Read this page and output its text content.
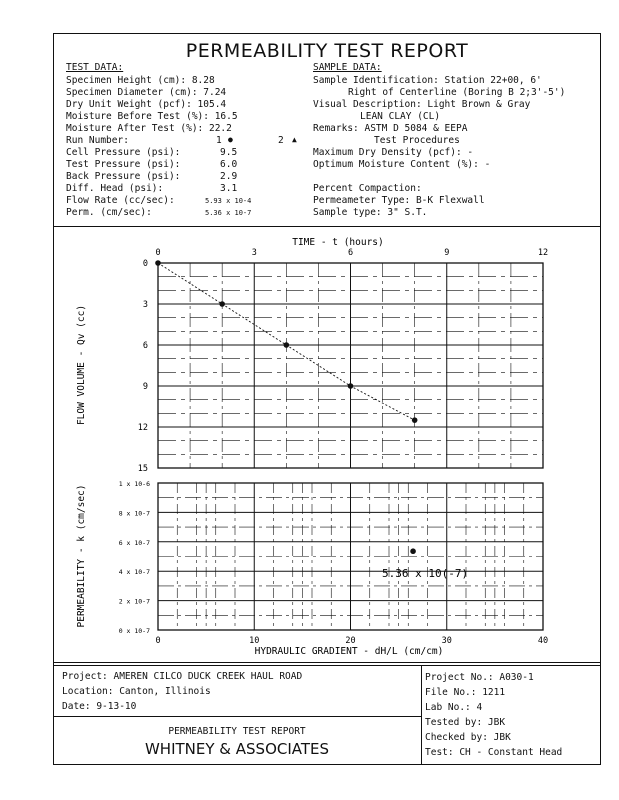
PERMEABILITY TEST REPORT
TEST DATA:
Specimen Height (cm): 8.28
Specimen Diameter (cm): 7.24
Dry Unit Weight (pcf): 105.4
Moisture Before Test (%): 16.5
Moisture After Test (%): 22.2
Run Number:	1 ●	2 ▲
Cell Pressure (psi):	9.5
Test Pressure (psi):	6.0
Back Pressure (psi):	2.9
Diff. Head (psi):	3.1
Flow Rate (cc/sec):	5.93 x 10-4
Perm. (cm/sec):	5.36 x 10-7
SAMPLE DATA:
Sample Identification: Station 22+00, 6'
Right of Centerline (Boring B 2;3'-5')
Visual Description: Light Brown & Gray
LEAN CLAY (CL)
Remarks: ASTM D 5084 & EEPA
Test Procedures
Maximum Dry Density (pcf): -
Optimum Moisture Content (%): -
Percent Compaction:
Permeameter Type: B-K Flexwall
Sample type: 3" S.T.
TIME - t (hours)
FLOW VOLUME - Qv (cc)
PERMEABILITY - k (cm/sec)
HYDRAULIC GRADIENT - dH/L (cm/cm)
5.36 x 10(-7)
0	3	6	9	12
0
3
6
9
12
15
1 x 10-6
8 x 10-7
6 x 10-7
4 x 10-7
2 x 10-7
0 x 10-7
0	10	20	30	40
Project: AMEREN CILCO DUCK CREEK HAUL ROAD
Location: Canton, Illinois
Date: 9-13-10
PERMEABILITY TEST REPORT
WHITNEY & ASSOCIATES
Project No.: A030-1
File No.: 1211
Lab No.: 4
Tested by: JBK
Checked by: JBK
Test: CH - Constant Head
